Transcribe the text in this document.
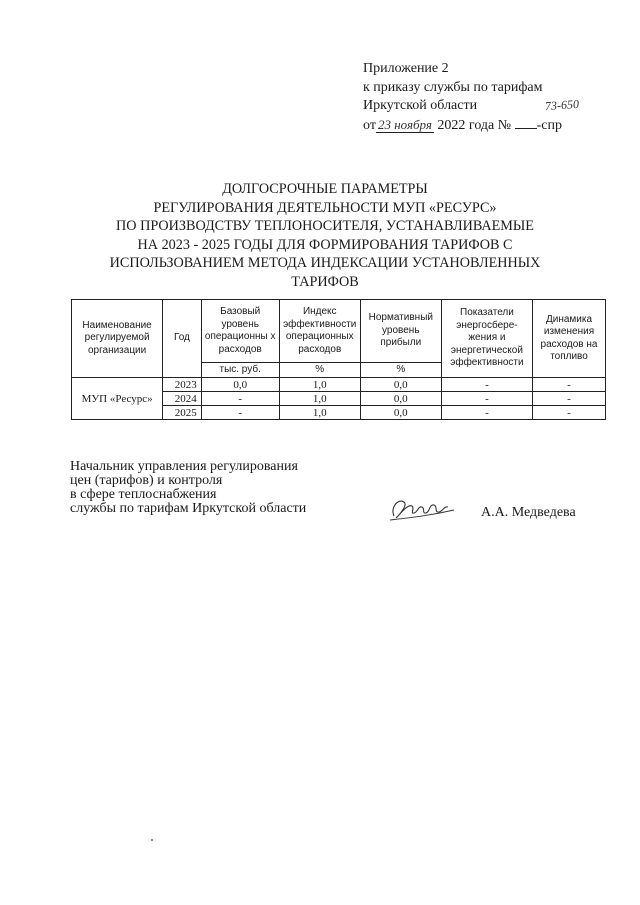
Приложение 2
к приказу службы по тарифам
Иркутской области
от 23 ноября 2022 года № -спр
73-650
ДОЛГОСРОЧНЫЕ ПАРАМЕТРЫ
РЕГУЛИРОВАНИЯ ДЕЯТЕЛЬНОСТИ МУП «РЕСУРС»
ПО ПРОИЗВОДСТВУ ТЕПЛОНОСИТЕЛЯ, УСТАНАВЛИВАЕМЫЕ
НА 2023 - 2025 ГОДЫ ДЛЯ ФОРМИРОВАНИЯ ТАРИФОВ С
ИСПОЛЬЗОВАНИЕМ МЕТОДА ИНДЕКСАЦИИ УСТАНОВЛЕННЫХ
ТАРИФОВ
Наименование регулируемой организации	Год	Базовый уровень операционны х расходов	Индекс эффективности операционных расходов	Нормативный уровень прибыли	Показатели энергосбере-жения и энергетической эффективности	Динамика изменения расходов на топливо
		тыс. руб.	%	%		
МУП «Ресурс»	2023	0,0	1,0	0,0	-	-
	2024	-	1,0	0,0	-	-
	2025	-	1,0	0,0	-	-
Начальник управления регулирования
цен (тарифов) и контроля
в сфере теплоснабжения
службы по тарифам Иркутской области	А.А. Медведева
